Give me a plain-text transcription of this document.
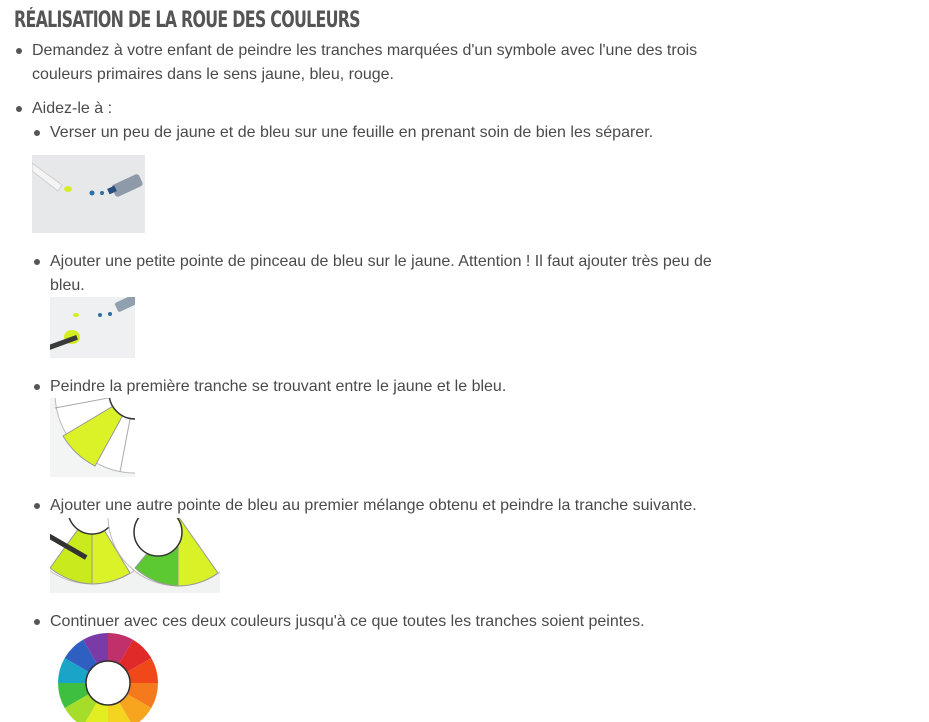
RÉALISATION DE LA ROUE DES COULEURS
Demandez à votre enfant de peindre les tranches marquées d'un symbole avec l'une des trois
couleurs primaires dans le sens jaune, bleu, rouge.
Aidez-le à :
Verser un peu de jaune et de bleu sur une feuille en prenant soin de bien les séparer.
Ajouter une petite pointe de pinceau de bleu sur le jaune. Attention ! Il faut ajouter très peu de
bleu.
Peindre la première tranche se trouvant entre le jaune et le bleu.
Ajouter une autre pointe de bleu au premier mélange obtenu et peindre la tranche suivante.
Continuer avec ces deux couleurs jusqu'à ce que toutes les tranches soient peintes.
